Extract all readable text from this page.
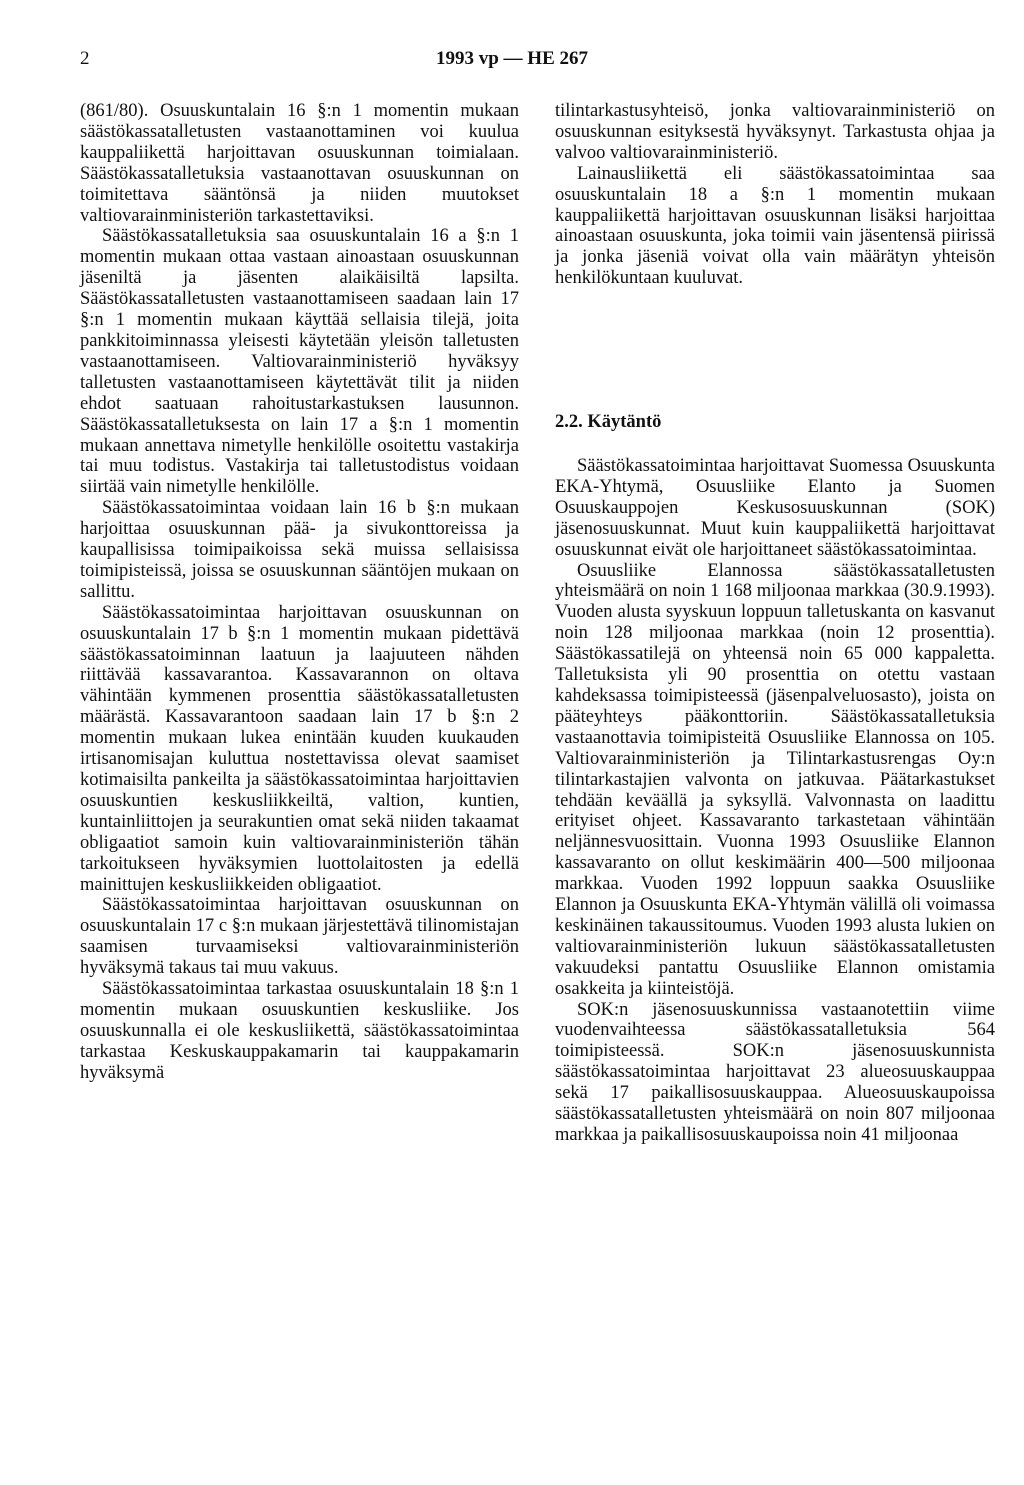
2	1993 vp — HE 267

(861/80). Osuuskuntalain 16 §:n 1 momentin mukaan säästökassatalletusten vastaanottaminen voi kuulua kauppaliikettä harjoittavan osuuskunnan toimialaan. Säästökassatalletuksia vastaanottavan osuuskunnan on toimitettava sääntönsä ja niiden muutokset valtiovarainministeriön tarkastettaviksi.

Säästökassatalletuksia saa osuuskuntalain 16 a §:n 1 momentin mukaan ottaa vastaan ainoastaan osuuskunnan jäseniltä ja jäsenten alaikäisiltä lapsilta. Säästökassatalletusten vastaanottamiseen saadaan lain 17 §:n 1 momentin mukaan käyttää sellaisia tilejä, joita pankkitoiminnassa yleisesti käytetään yleisön talletusten vastaanottamiseen. Valtiovarainministeriö hyväksyy talletusten vastaanottamiseen käytettävät tilit ja niiden ehdot saatuaan rahoitustarkastuksen lausunnon. Säästökassatalletuksesta on lain 17 a §:n 1 momentin mukaan annettava nimetylle henkilölle osoitettu vastakirja tai muu todistus. Vastakirja tai talletustodistus voidaan siirtää vain nimetylle henkilölle.

Säästökassatoimintaa voidaan lain 16 b §:n mukaan harjoittaa osuuskunnan pää- ja sivukonttoreissa ja kaupallisissa toimipaikoissa sekä muissa sellaisissa toimipisteissä, joissa se osuuskunnan sääntöjen mukaan on sallittu.

Säästökassatoimintaa harjoittavan osuuskunnan on osuuskuntalain 17 b §:n 1 momentin mukaan pidettävä säästökassatoiminnan laatuun ja laajuuteen nähden riittävää kassavarantoa. Kassavarannon on oltava vähintään kymmenen prosenttia säästökassatalletusten määrästä. Kassavarantoon saadaan lain 17 b §:n 2 momentin mukaan lukea enintään kuuden kuukauden irtisanomisajan kuluttua nostettavissa olevat saamiset kotimaisilta pankeilta ja säästökassatoimintaa harjoittavien osuuskuntien keskusliikkeiltä, valtion, kuntien, kuntainliittojen ja seurakuntien omat sekä niiden takaamat obligaatiot samoin kuin valtiovarainministeriön tähän tarkoitukseen hyväksymien luottolaitosten ja edellä mainittujen keskusliikkeiden obligaatiot.

Säästökassatoimintaa harjoittavan osuuskunnan on osuuskuntalain 17 c §:n mukaan järjestettävä tilinomistajan saamisen turvaamiseksi valtiovarainministeriön hyväksymä takaus tai muu vakuus.

Säästökassatoimintaa tarkastaa osuuskuntalain 18 §:n 1 momentin mukaan osuuskuntien keskusliike. Jos osuuskunnalla ei ole keskusliikettä, säästökassatoimintaa tarkastaa Keskuskauppakamarin tai kauppakamarin hyväksymä

tilintarkastusyhteisö, jonka valtiovarainministeriö on osuuskunnan esityksestä hyväksynyt. Tarkastusta ohjaa ja valvoo valtiovarainministeriö.

Lainausliikettä eli säästökassatoimintaa saa osuuskuntalain 18 a §:n 1 momentin mukaan kauppaliikettä harjoittavan osuuskunnan lisäksi harjoittaa ainoastaan osuuskunta, joka toimii vain jäsentensä piirissä ja jonka jäseniä voivat olla vain määrätyn yhteisön henkilökuntaan kuuluvat.

2.2. Käytäntö

Säästökassatoimintaa harjoittavat Suomessa Osuuskunta EKA-Yhtymä, Osuusliike Elanto ja Suomen Osuuskauppojen Keskusosuuskunnan (SOK) jäsenosuuskunnat. Muut kuin kauppaliikettä harjoittavat osuuskunnat eivät ole harjoittaneet säästökassatoimintaa.

Osuusliike Elannossa säästökassatalletusten yhteismäärä on noin 1 168 miljoonaa markkaa (30.9.1993). Vuoden alusta syyskuun loppuun talletuskanta on kasvanut noin 128 miljoonaa markkaa (noin 12 prosenttia). Säästökassatilejä on yhteensä noin 65 000 kappaletta. Talletuksista yli 90 prosenttia on otettu vastaan kahdeksassa toimipisteessä (jäsenpalveluosasto), joista on pääteyhteys pääkonttoriin. Säästökassatalletuksia vastaanottavia toimipisteitä Osuusliike Elannossa on 105. Valtiovarainministeriön ja Tilintarkastusrengas Oy:n tilintarkastajien valvonta on jatkuvaa. Päätarkastukset tehdään keväällä ja syksyllä. Valvonnasta on laadittu erityiset ohjeet. Kassavaranto tarkastetaan vähintään neljännesvuosittain. Vuonna 1993 Osuusliike Elannon kassavaranto on ollut keskimäärin 400—500 miljoonaa markkaa. Vuoden 1992 loppuun saakka Osuusliike Elannon ja Osuuskunta EKA-Yhtymän välillä oli voimassa keskinäinen takaussitoumus. Vuoden 1993 alusta lukien on valtiovarainministeriön lukuun säästökassatalletusten vakuudeksi pantattu Osuusliike Elannon omistamia osakkeita ja kiinteistöjä.

SOK:n jäsenosuuskunnissa vastaanotettiin viime vuodenvaihteessa säästökassatalletuksia 564 toimipisteessä. SOK:n jäsenosuuskunnista säästökassatoimintaa harjoittavat 23 alueosuuskauppaa sekä 17 paikallisosuuskauppaa. Alueosuuskaupoissa säästökassatalletusten yhteismäärä on noin 807 miljoonaa markkaa ja paikallisosuuskaupoissa noin 41 miljoonaa
